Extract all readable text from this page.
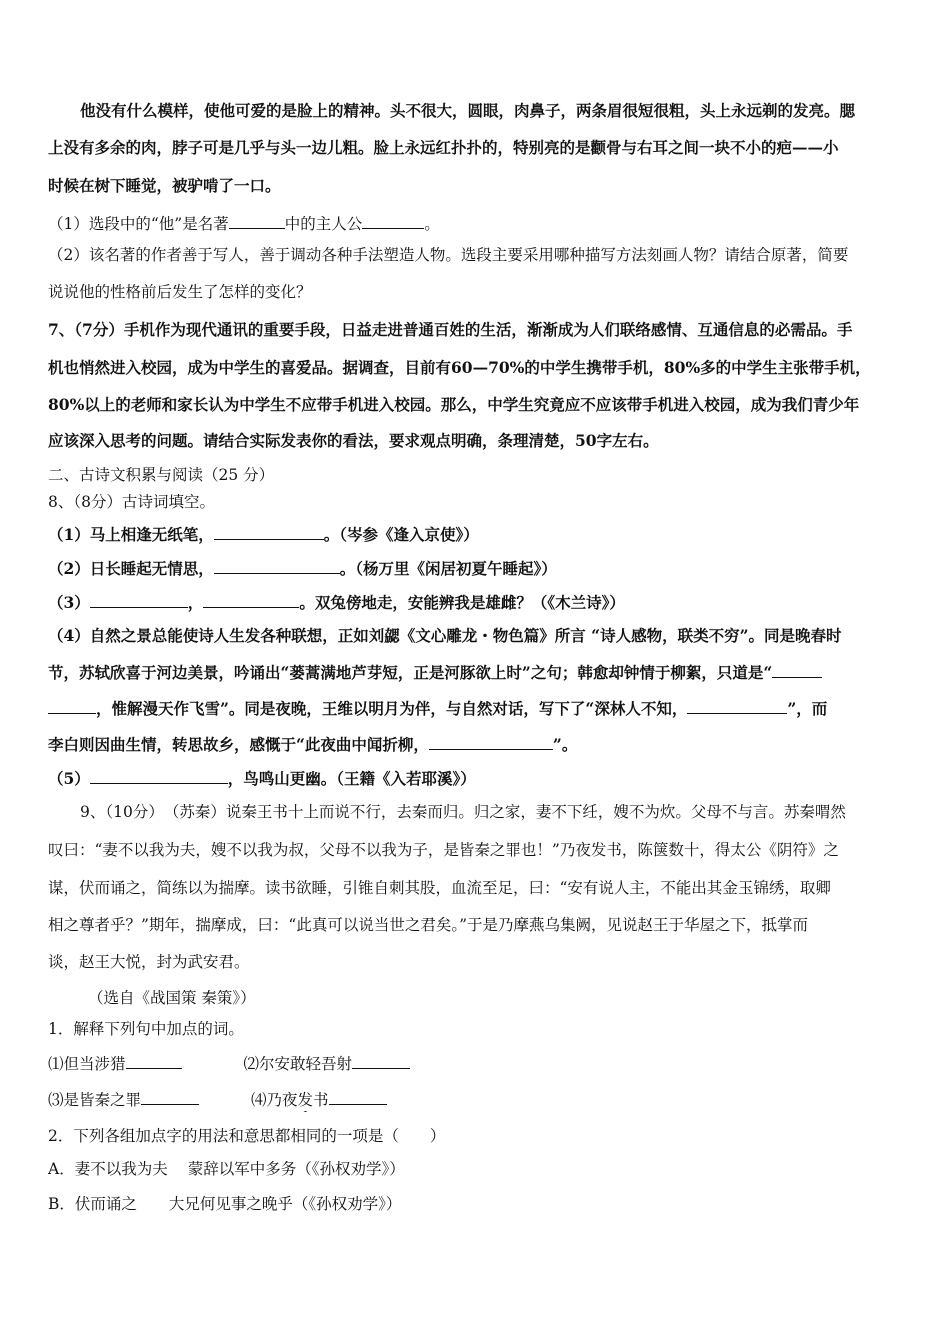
他没有什么模样，使他可爱的是脸上的精神。头不很大，圆眼，肉鼻子，两条眉很短很粗，头上永远剃的发亮。腮
上没有多余的肉，脖子可是几乎与头一边儿粗。脸上永远红扑扑的，特别亮的是颧骨与右耳之间一块不小的疤——小
时候在树下睡觉，被驴啃了一口。
（1）选段中的“他”是名著	中的主人公	。
（2）该名著的作者善于写人，善于调动各种手法塑造人物。选段主要采用哪种描写方法刻画人物？请结合原著，简要
说说他的性格前后发生了怎样的变化？
7、（7分）手机作为现代通讯的重要手段，日益走进普通百姓的生活，渐渐成为人们联络感情、互通信息的必需品。手
机也悄然进入校园，成为中学生的喜爱品。据调查，目前有60—70%的中学生携带手机，80%多的中学生主张带手机，
80%以上的老师和家长认为中学生不应带手机进入校园。那么，中学生究竟应不应该带手机进入校园，成为我们青少年
应该深入思考的问题。请结合实际发表你的看法，要求观点明确，条理清楚，50字左右。
二、古诗文积累与阅读（25 分）
8、（8分）古诗词填空。
（1）马上相逢无纸笔，	。（岑参《逢入京使》）
（2）日长睡起无情思，	。（杨万里《闲居初夏午睡起》）
（3）	，	。双兔傍地走，安能辨我是雄雌？（《木兰诗》）
（4）自然之景总能使诗人生发各种联想，正如刘勰《文心雕龙・物色篇》所言 “诗人感物，联类不穷”。同是晚春时
节，苏轼欣喜于河边美景，吟诵出“蒌蒿满地芦芽短，正是河豚欲上时”之句；韩愈却钟情于柳絮，只道是“
，惟解漫天作飞雪”。同是夜晚，王维以明月为伴，与自然对话，写下了“深林人不知，	”，而
李白则因曲生情，转思故乡，感慨于“此夜曲中闻折柳，	”。
（5）	，鸟鸣山更幽。（王籍《入若耶溪》）
9、（10分）　（苏秦）说秦王书十上而说不行，去秦而归。归之家，妻不下纴，嫂不为炊。父母不与言。苏秦喟然
叹曰：“妻不以我为夫，嫂不以我为叔，父母不以我为子，是皆秦之罪也！”乃夜发书，陈箧数十，得太公《阴符》之
谋，伏而诵之，简练以为揣摩。读书欲睡，引锥自刺其股，血流至足，曰：“安有说人主，不能出其金玉锦绣，取卿
相之尊者乎？”期年，揣摩成，曰：“此真可以说当世之君矣。”于是乃摩燕乌集阙，见说赵王于华屋之下，抵掌而
谈，赵王大悦，封为武安君。
（选自《战国策 秦策》）
1．解释下列句中加点的词。
⑴但当涉猎	⑵尔安敢轻吾射
⑶是皆秦之罪	⑷乃夜发书
2．下列各组加点字的用法和意思都相同的一项是（　　）
A．妻不以我为夫 蒙辞以军中多务（《孙权劝学》）
B．伏而诵之 大兄何见事之晚乎（《孙权劝学》）
